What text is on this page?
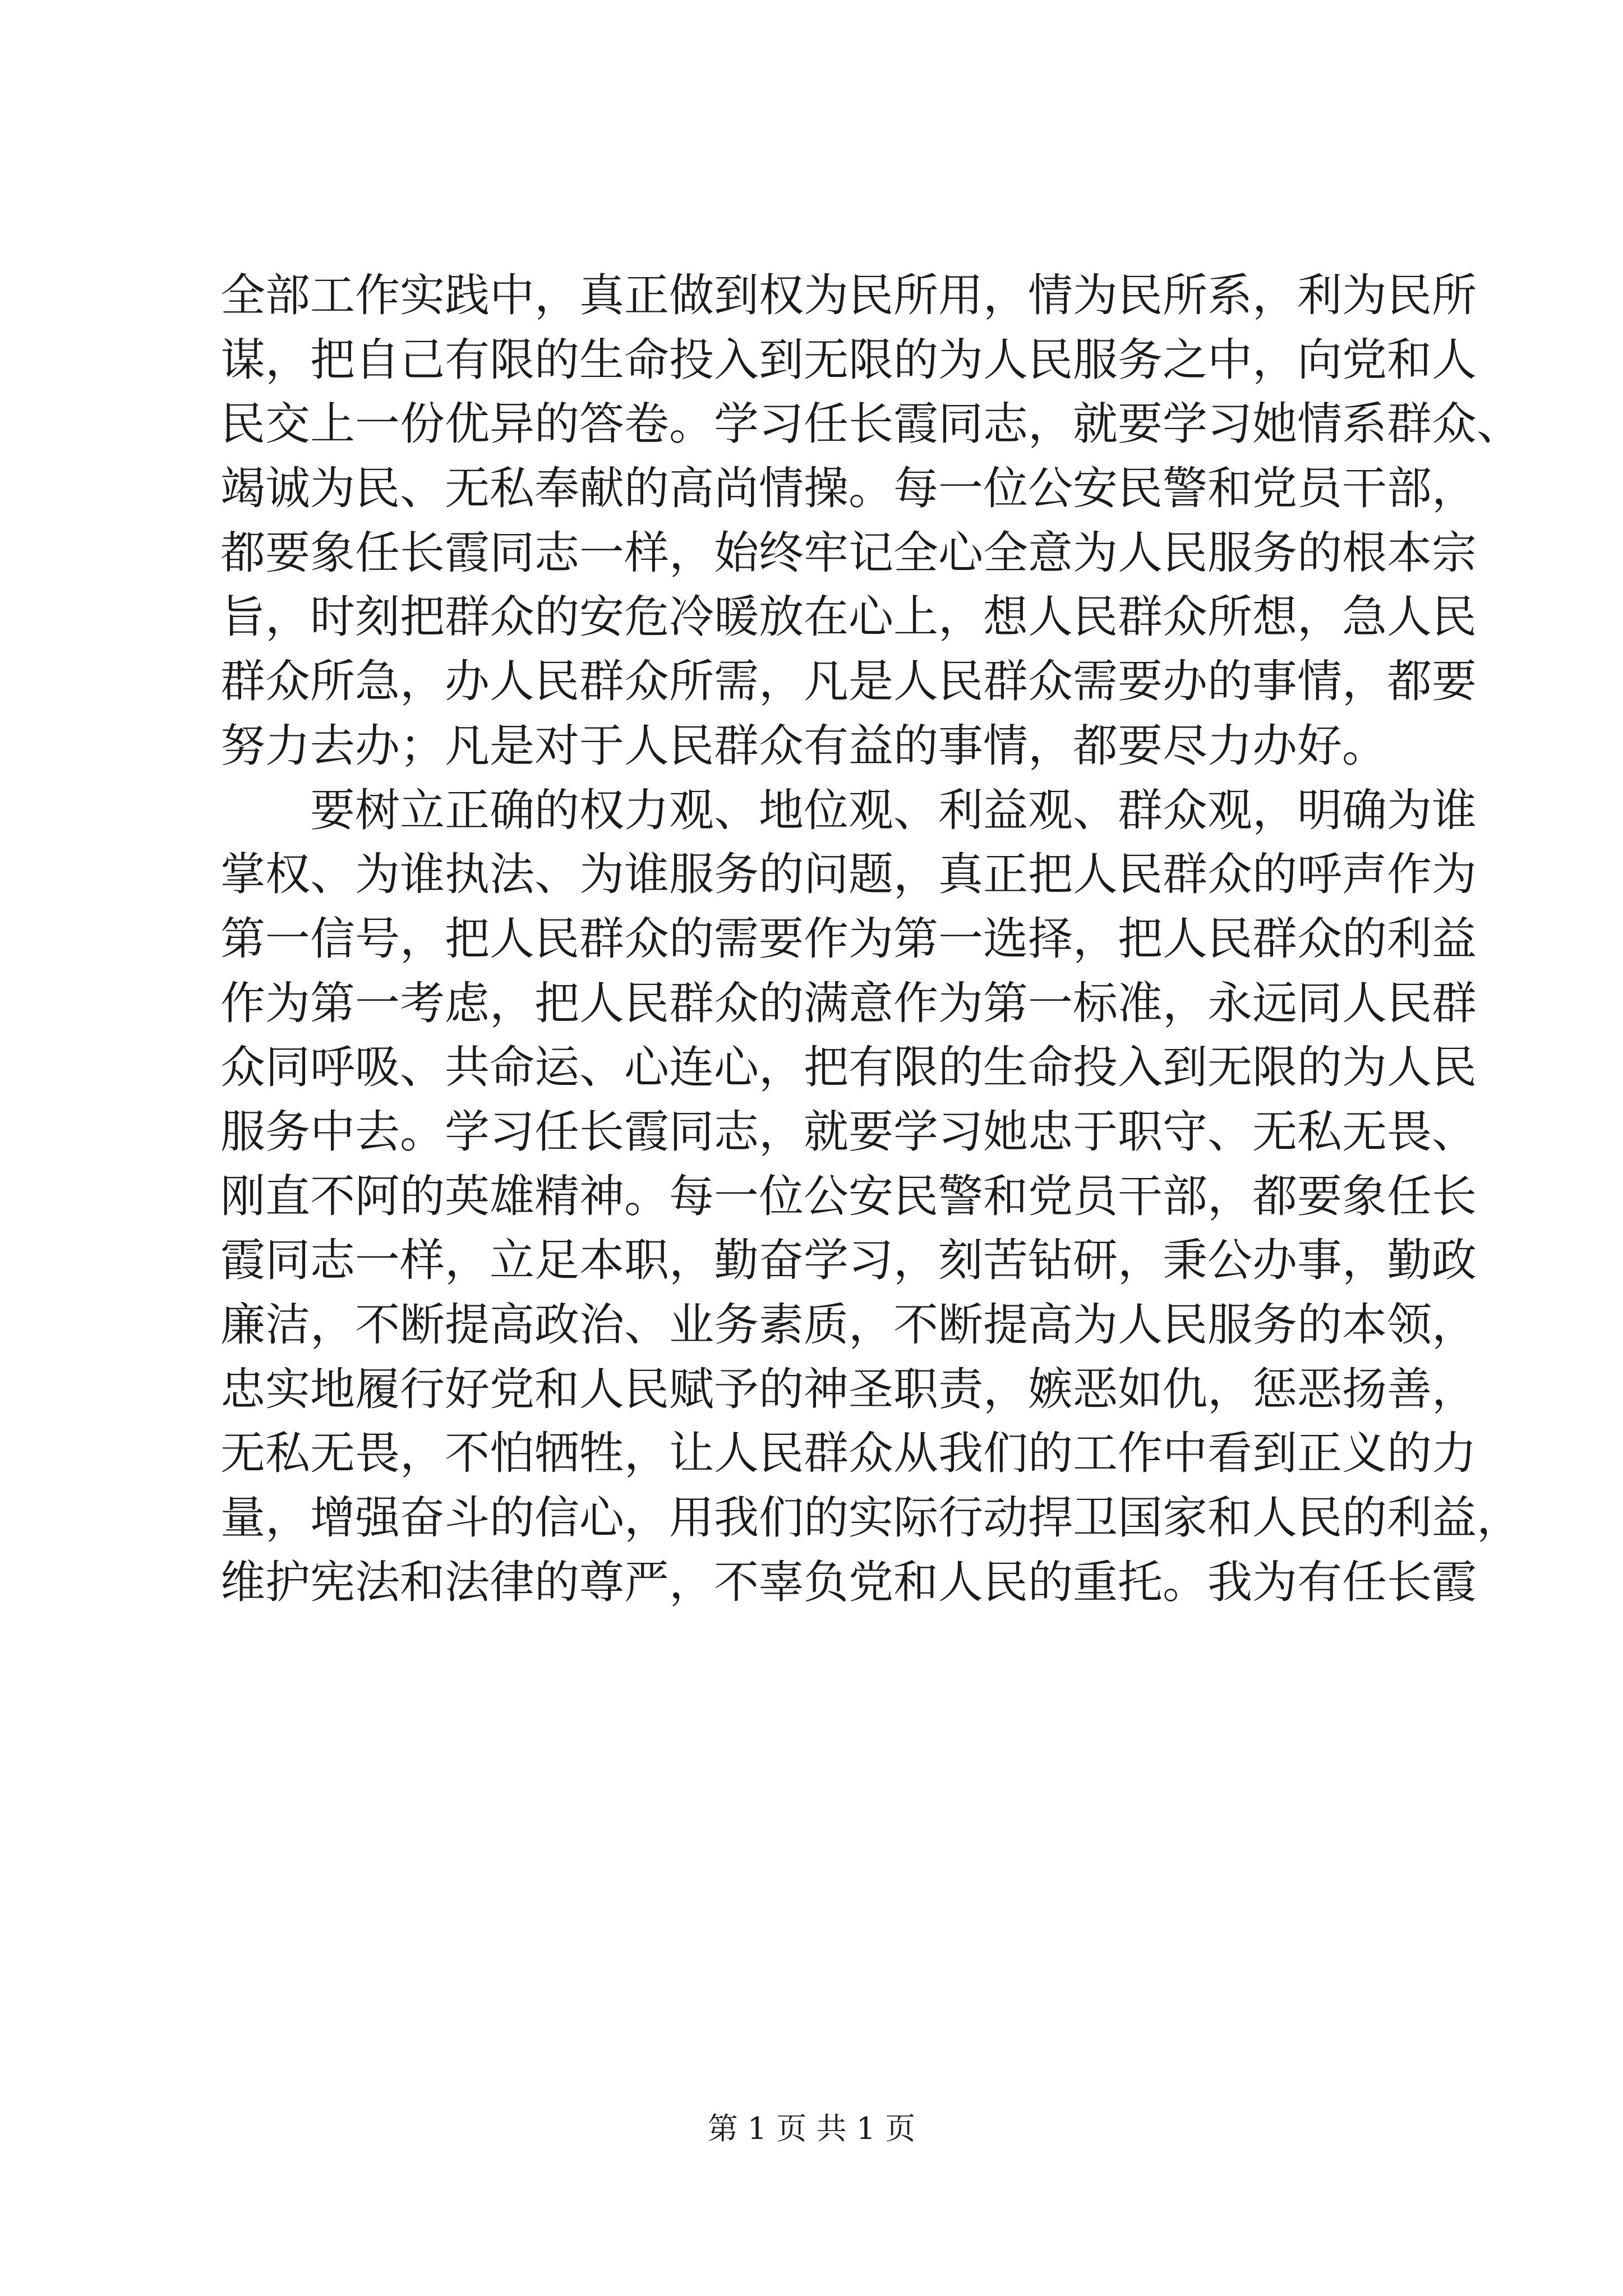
全部工作实践中，真正做到权为民所用，情为民所系，利为民所
谋，把自己有限的生命投入到无限的为人民服务之中，向党和人
民交上一份优异的答卷。学习任长霞同志，就要学习她情系群众、
竭诚为民、无私奉献的高尚情操。每一位公安民警和党员干部，
都要象任长霞同志一样，始终牢记全心全意为人民服务的根本宗
旨，时刻把群众的安危冷暖放在心上，想人民群众所想，急人民
群众所急，办人民群众所需，凡是人民群众需要办的事情，都要
努力去办；凡是对于人民群众有益的事情，都要尽力办好。
要树立正确的权力观、地位观、利益观、群众观，明确为谁
掌权、为谁执法、为谁服务的问题，真正把人民群众的呼声作为
第一信号，把人民群众的需要作为第一选择，把人民群众的利益
作为第一考虑，把人民群众的满意作为第一标准，永远同人民群
众同呼吸、共命运、心连心，把有限的生命投入到无限的为人民
服务中去。学习任长霞同志，就要学习她忠于职守、无私无畏、
刚直不阿的英雄精神。每一位公安民警和党员干部，都要象任长
霞同志一样，立足本职，勤奋学习，刻苦钻研，秉公办事，勤政
廉洁，不断提高政治、业务素质，不断提高为人民服务的本领，
忠实地履行好党和人民赋予的神圣职责，嫉恶如仇，惩恶扬善，
无私无畏，不怕牺牲，让人民群众从我们的工作中看到正义的力
量，增强奋斗的信心，用我们的实际行动捍卫国家和人民的利益，
维护宪法和法律的尊严，不辜负党和人民的重托。我为有任长霞
第 1 页 共 1 页
